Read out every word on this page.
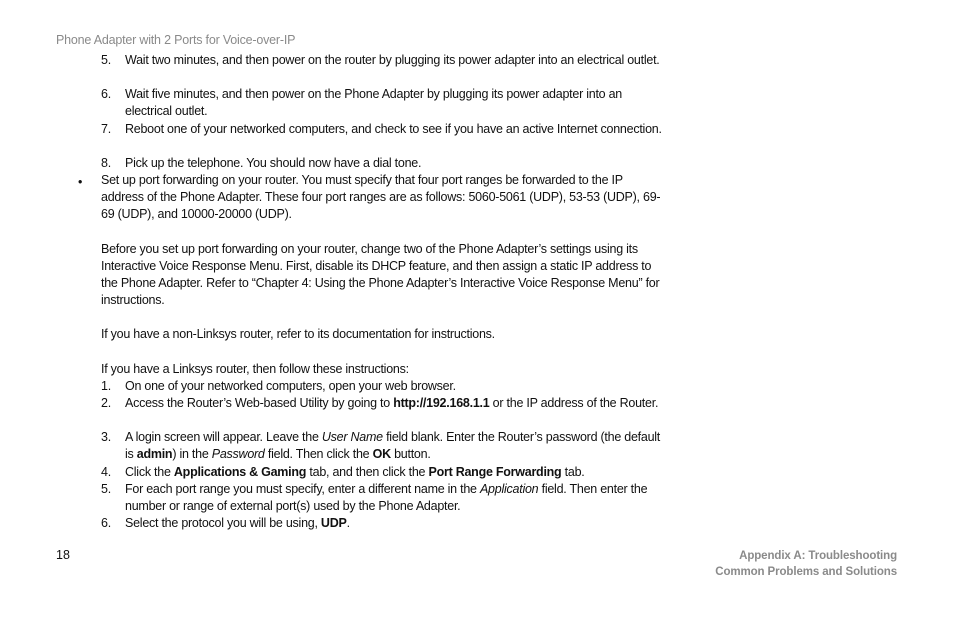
Phone Adapter with 2 Ports for Voice-over-IP
5. Wait two minutes, and then power on the router by plugging its power adapter into an electrical outlet.
6. Wait five minutes, and then power on the Phone Adapter by plugging its power adapter into an electrical outlet.
7. Reboot one of your networked computers, and check to see if you have an active Internet connection.
8. Pick up the telephone. You should now have a dial tone.
• Set up port forwarding on your router. You must specify that four port ranges be forwarded to the IP address of the Phone Adapter. These four port ranges are as follows: 5060-5061 (UDP), 53-53 (UDP), 69-69 (UDP), and 10000-20000 (UDP).
Before you set up port forwarding on your router, change two of the Phone Adapter’s settings using its Interactive Voice Response Menu. First, disable its DHCP feature, and then assign a static IP address to the Phone Adapter. Refer to “Chapter 4: Using the Phone Adapter’s Interactive Voice Response Menu” for instructions.
If you have a non-Linksys router, refer to its documentation for instructions.
If you have a Linksys router, then follow these instructions:
1. On one of your networked computers, open your web browser.
2. Access the Router’s Web-based Utility by going to http://192.168.1.1 or the IP address of the Router.
3. A login screen will appear. Leave the User Name field blank. Enter the Router’s password (the default is admin) in the Password field. Then click the OK button.
4. Click the Applications & Gaming tab, and then click the Port Range Forwarding tab.
5. For each port range you must specify, enter a different name in the Application field. Then enter the number or range of external port(s) used by the Phone Adapter.
6. Select the protocol you will be using, UDP.
18	Appendix A: Troubleshooting
Common Problems and Solutions
